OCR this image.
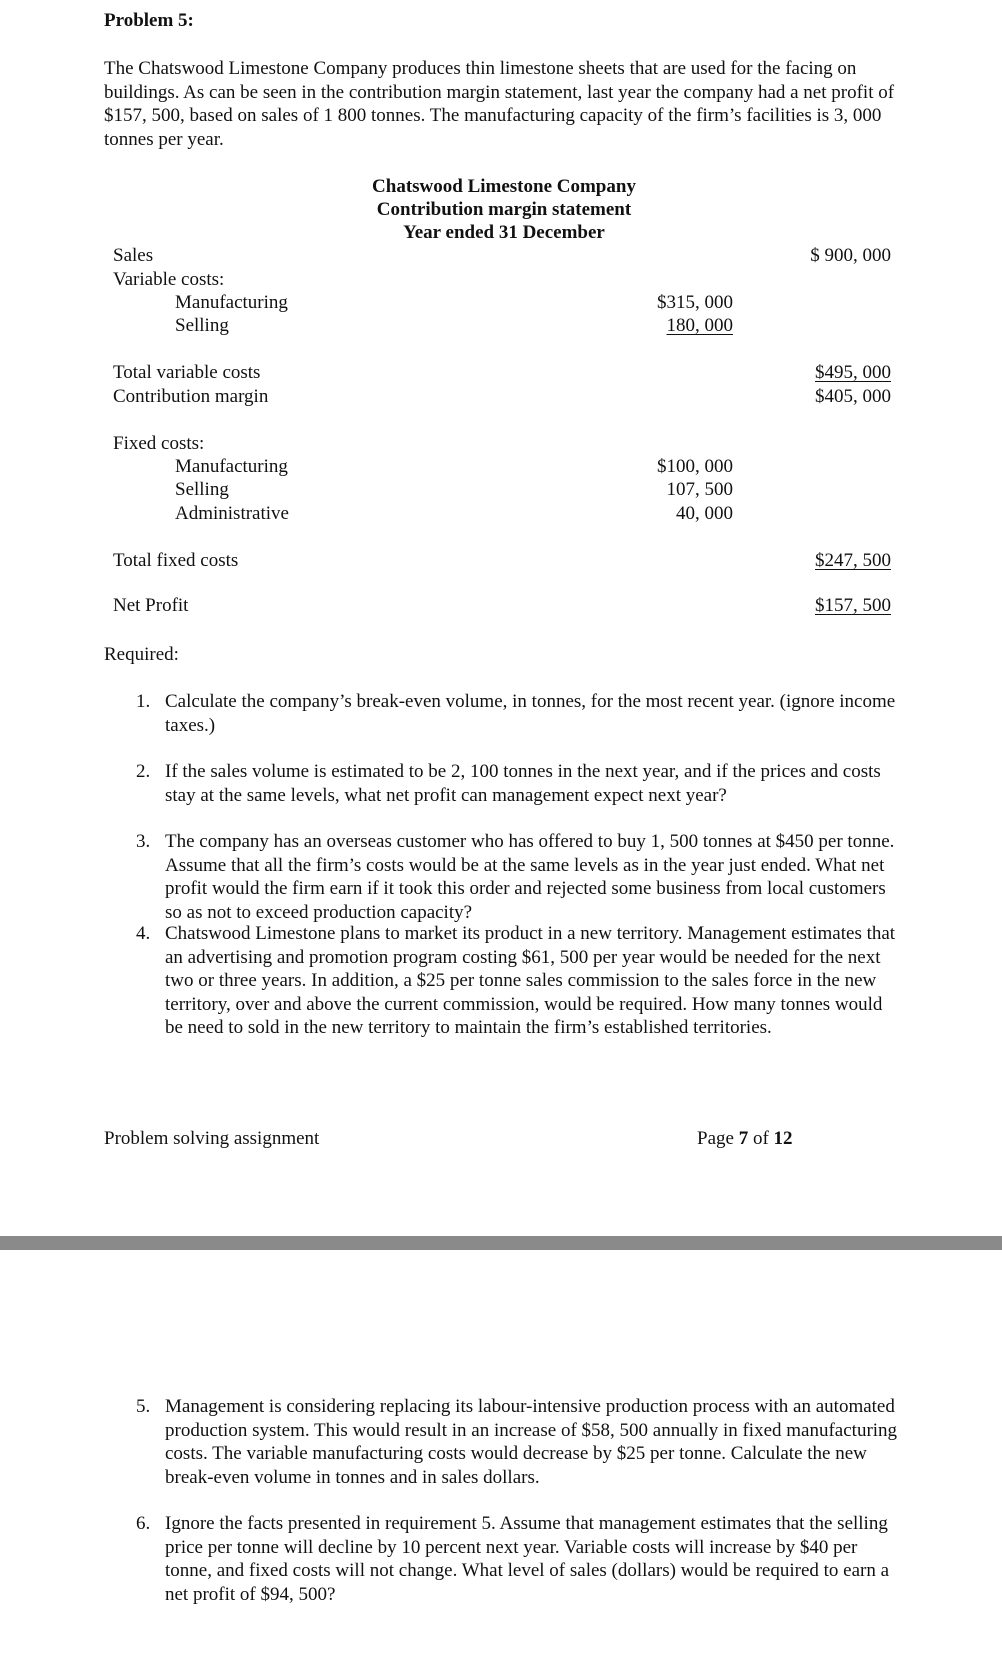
Problem 5:

The Chatswood Limestone Company produces thin limestone sheets that are used for the facing on buildings. As can be seen in the contribution margin statement, last year the company had a net profit of $157, 500, based on sales of 1 800 tonnes. The manufacturing capacity of the firm’s facilities is 3, 000 tonnes per year.

Chatswood Limestone Company
Contribution margin statement
Year ended 31 December
Sales	$ 900, 000
Variable costs:
Manufacturing	$315, 000
Selling	180, 000
Total variable costs	$495, 000
Contribution margin	$405, 000
Fixed costs:
Manufacturing	$100, 000
Selling	107, 500
Administrative	40, 000
Total fixed costs	$247, 500
Net Profit	$157, 500

Required:

1. Calculate the company’s break-even volume, in tonnes, for the most recent year. (ignore income taxes.)
2. If the sales volume is estimated to be 2, 100 tonnes in the next year, and if the prices and costs stay at the same levels, what net profit can management expect next year?
3. The company has an overseas customer who has offered to buy 1, 500 tonnes at $450 per tonne. Assume that all the firm’s costs would be at the same levels as in the year just ended. What net profit would the firm earn if it took this order and rejected some business from local customers so as not to exceed production capacity?
4. Chatswood Limestone plans to market its product in a new territory. Management estimates that an advertising and promotion program costing $61, 500 per year would be needed for the next two or three years. In addition, a $25 per tonne sales commission to the sales force in the new territory, over and above the current commission, would be required. How many tonnes would be need to sold in the new territory to maintain the firm’s established territories.

Problem solving assignment	Page 7 of 12

5. Management is considering replacing its labour-intensive production process with an automated production system. This would result in an increase of $58, 500 annually in fixed manufacturing costs. The variable manufacturing costs would decrease by $25 per tonne. Calculate the new break-even volume in tonnes and in sales dollars.
6. Ignore the facts presented in requirement 5. Assume that management estimates that the selling price per tonne will decline by 10 percent next year. Variable costs will increase by $40 per tonne, and fixed costs will not change. What level of sales (dollars) would be required to earn a net profit of $94, 500?
